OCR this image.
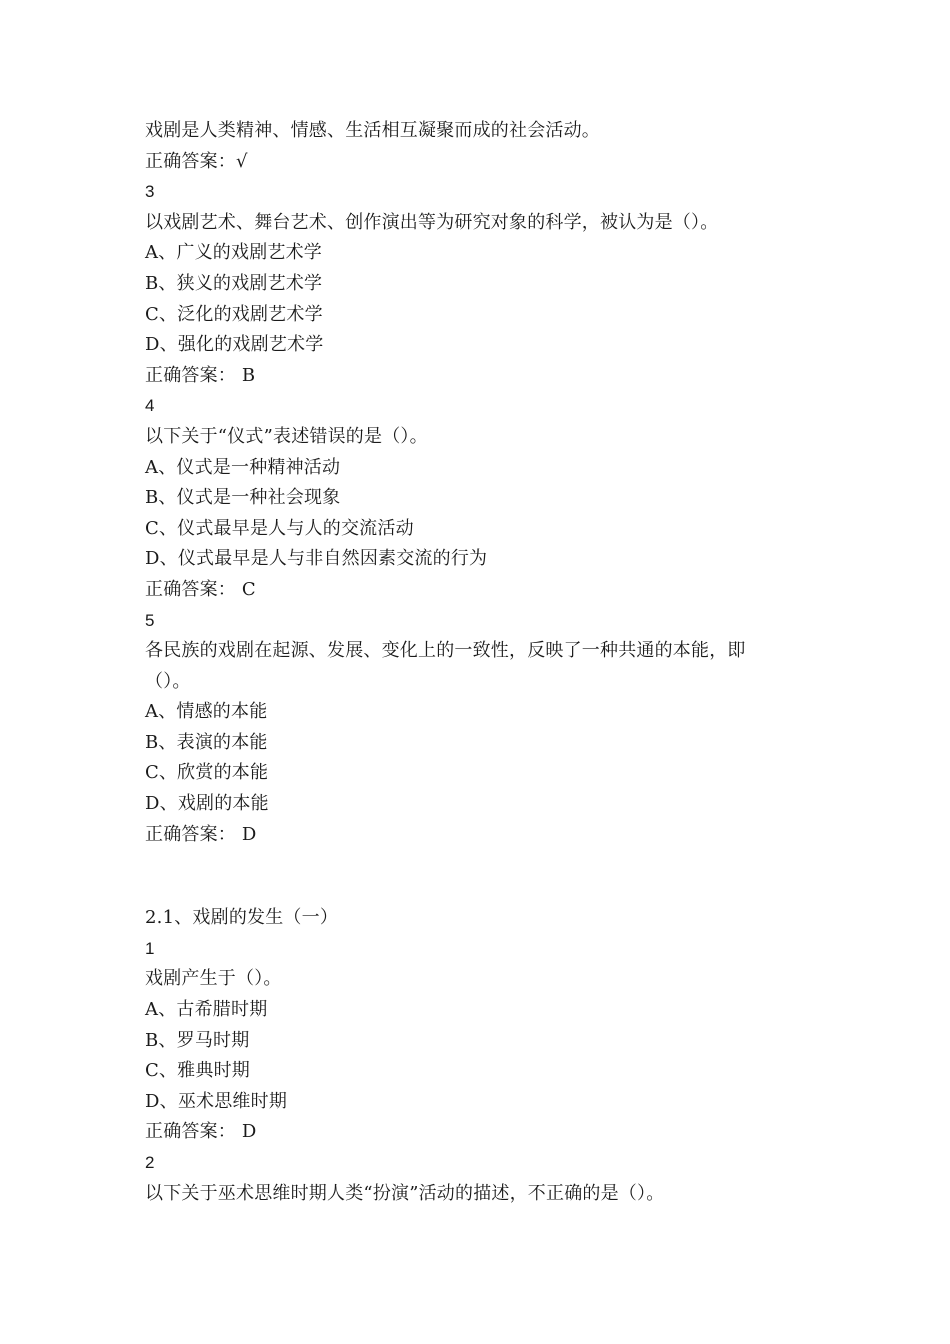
戏剧是人类精神、情感、生活相互凝聚而成的社会活动。
正确答案：√
3
以戏剧艺术、舞台艺术、创作演出等为研究对象的科学，被认为是（）。
A、广义的戏剧艺术学
B、狭义的戏剧艺术学
C、泛化的戏剧艺术学
D、强化的戏剧艺术学
正确答案： B
4
以下关于“仪式”表述错误的是（）。
A、仪式是一种精神活动
B、仪式是一种社会现象
C、仪式最早是人与人的交流活动
D、仪式最早是人与非自然因素交流的行为
正确答案： C
5
各民族的戏剧在起源、发展、变化上的一致性，反映了一种共通的本能，即（）。
A、情感的本能
B、表演的本能
C、欣赏的本能
D、戏剧的本能
正确答案： D
2.1、戏剧的发生（一）
1
戏剧产生于（）。
A、古希腊时期
B、罗马时期
C、雅典时期
D、巫术思维时期
正确答案： D
2
以下关于巫术思维时期人类“扮演”活动的描述，不正确的是（）。
